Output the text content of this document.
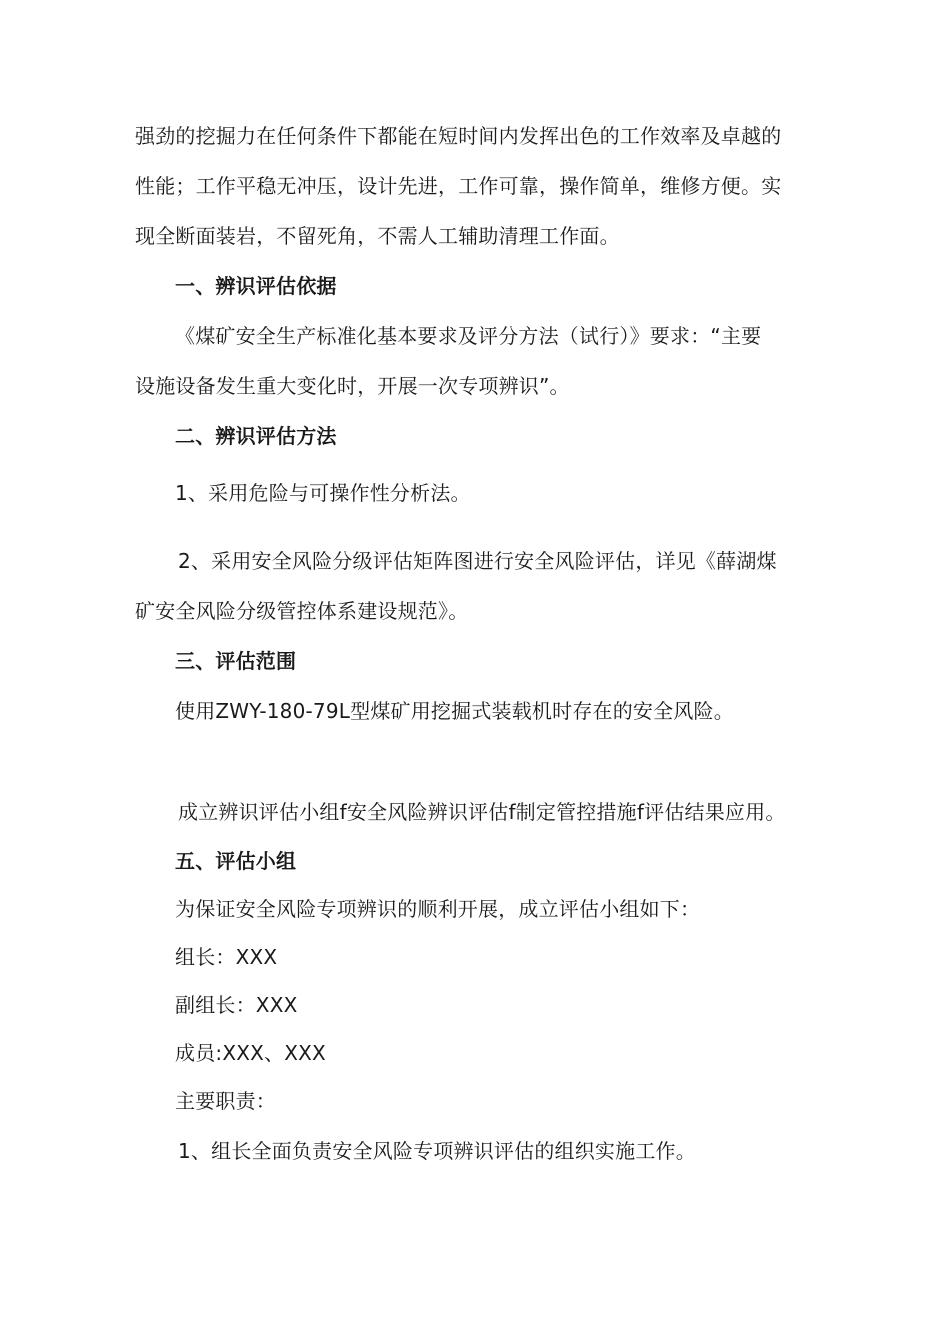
强劲的挖掘力在任何条件下都能在短时间内发挥出色的工作效率及卓越的
性能；工作平稳无冲压，设计先进，工作可靠，操作简单，维修方便。实
现全断面装岩，不留死角，不需人工辅助清理工作面。
一、辨识评估依据
《煤矿安全生产标准化基本要求及评分方法（试行）》要求：“主要
设施设备发生重大变化时，开展一次专项辨识”。
二、辨识评估方法
1、采用危险与可操作性分析法。
2、采用安全风险分级评估矩阵图进行安全风险评估，详见《薛湖煤
矿安全风险分级管控体系建设规范》。
三、评估范围
使用ZWY-180-79L型煤矿用挖掘式装载机时存在的安全风险。
成立辨识评估小组f安全风险辨识评估f制定管控措施f评估结果应用。
五、评估小组
为保证安全风险专项辨识的顺利开展，成立评估小组如下：
组长：XXX
副组长：XXX
成员:XXX、XXX
主要职责：
1、组长全面负责安全风险专项辨识评估的组织实施工作。
